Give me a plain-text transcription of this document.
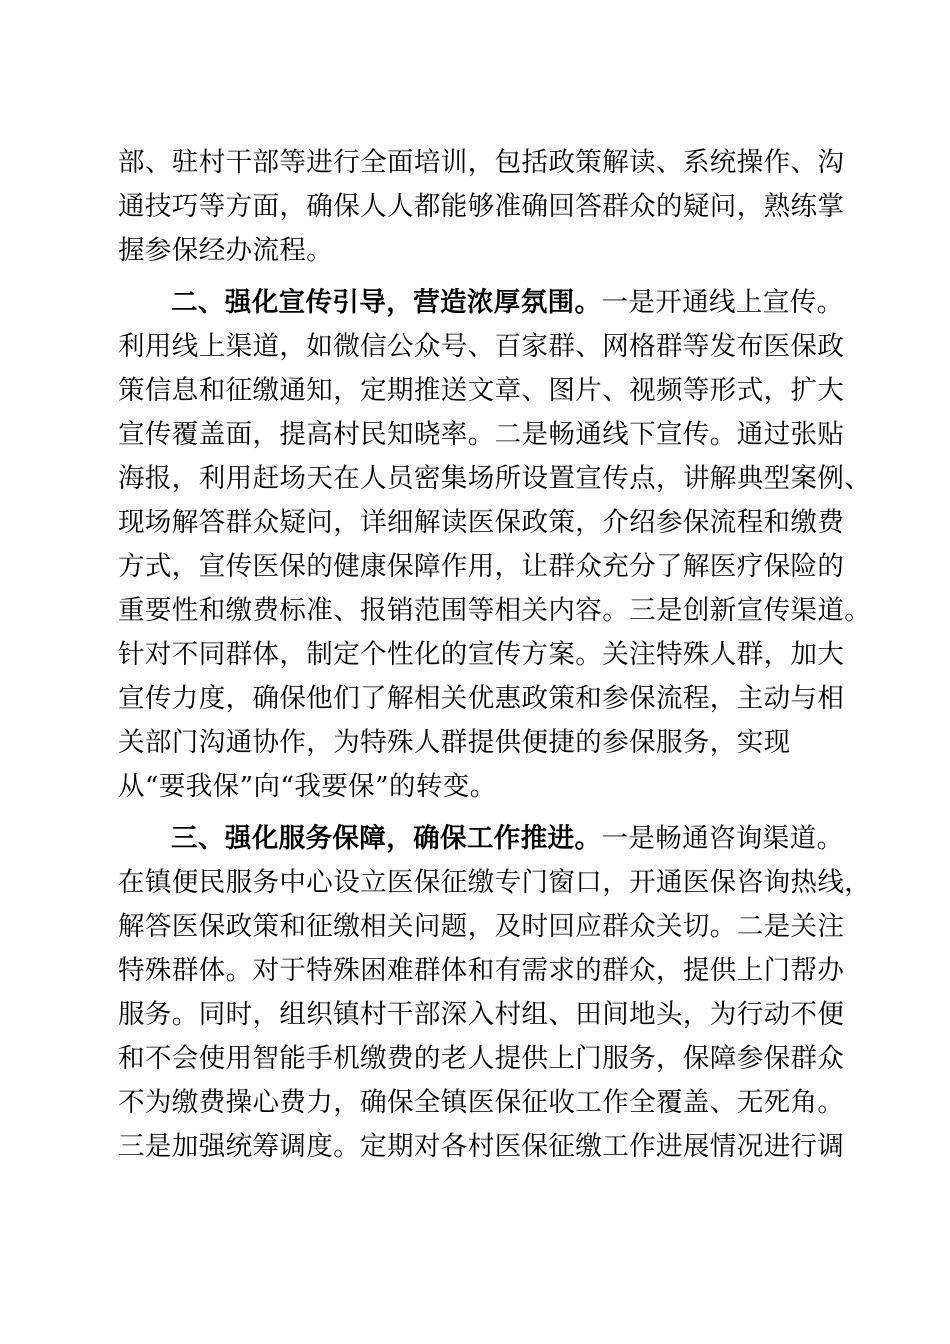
部、驻村干部等进行全面培训，包括政策解读、系统操作、沟
通技巧等方面，确保人人都能够准确回答群众的疑问，熟练掌
握参保经办流程。
二、强化宣传引导，营造浓厚氛围。一是开通线上宣传。
利用线上渠道，如微信公众号、百家群、网格群等发布医保政
策信息和征缴通知，定期推送文章、图片、视频等形式，扩大
宣传覆盖面，提高村民知晓率。二是畅通线下宣传。通过张贴
海报，利用赶场天在人员密集场所设置宣传点，讲解典型案例、
现场解答群众疑问，详细解读医保政策，介绍参保流程和缴费
方式，宣传医保的健康保障作用，让群众充分了解医疗保险的
重要性和缴费标准、报销范围等相关内容。三是创新宣传渠道。
针对不同群体，制定个性化的宣传方案。关注特殊人群，加大
宣传力度，确保他们了解相关优惠政策和参保流程，主动与相
关部门沟通协作，为特殊人群提供便捷的参保服务，实现
从“要我保”向“我要保”的转变。
三、强化服务保障，确保工作推进。一是畅通咨询渠道。
在镇便民服务中心设立医保征缴专门窗口，开通医保咨询热线，
解答医保政策和征缴相关问题，及时回应群众关切。二是关注
特殊群体。对于特殊困难群体和有需求的群众，提供上门帮办
服务。同时，组织镇村干部深入村组、田间地头，为行动不便
和不会使用智能手机缴费的老人提供上门服务，保障参保群众
不为缴费操心费力，确保全镇医保征收工作全覆盖、无死角。
三是加强统筹调度。定期对各村医保征缴工作进展情况进行调
